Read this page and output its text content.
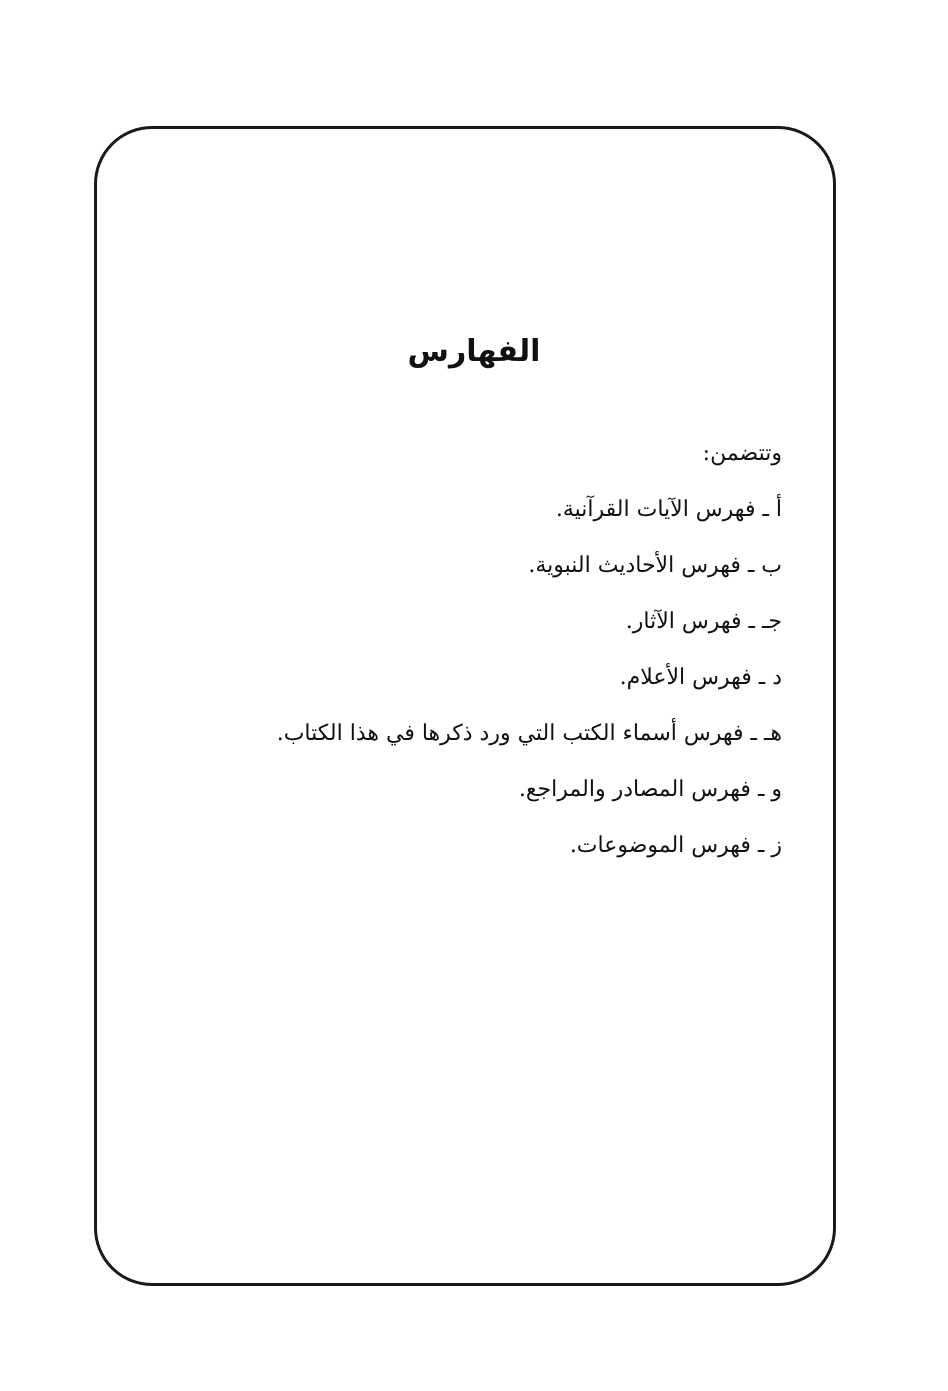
الفهارس
وتتضمن:
أ ـ فهرس الآيات القرآنية.
ب ـ فهرس الأحاديث النبوية.
جـ ـ فهرس الآثار.
د ـ فهرس الأعلام.
هـ ـ فهرس أسماء الكتب التي ورد ذكرها في هذا الكتاب.
و ـ فهرس المصادر والمراجع.
ز ـ فهرس الموضوعات.
